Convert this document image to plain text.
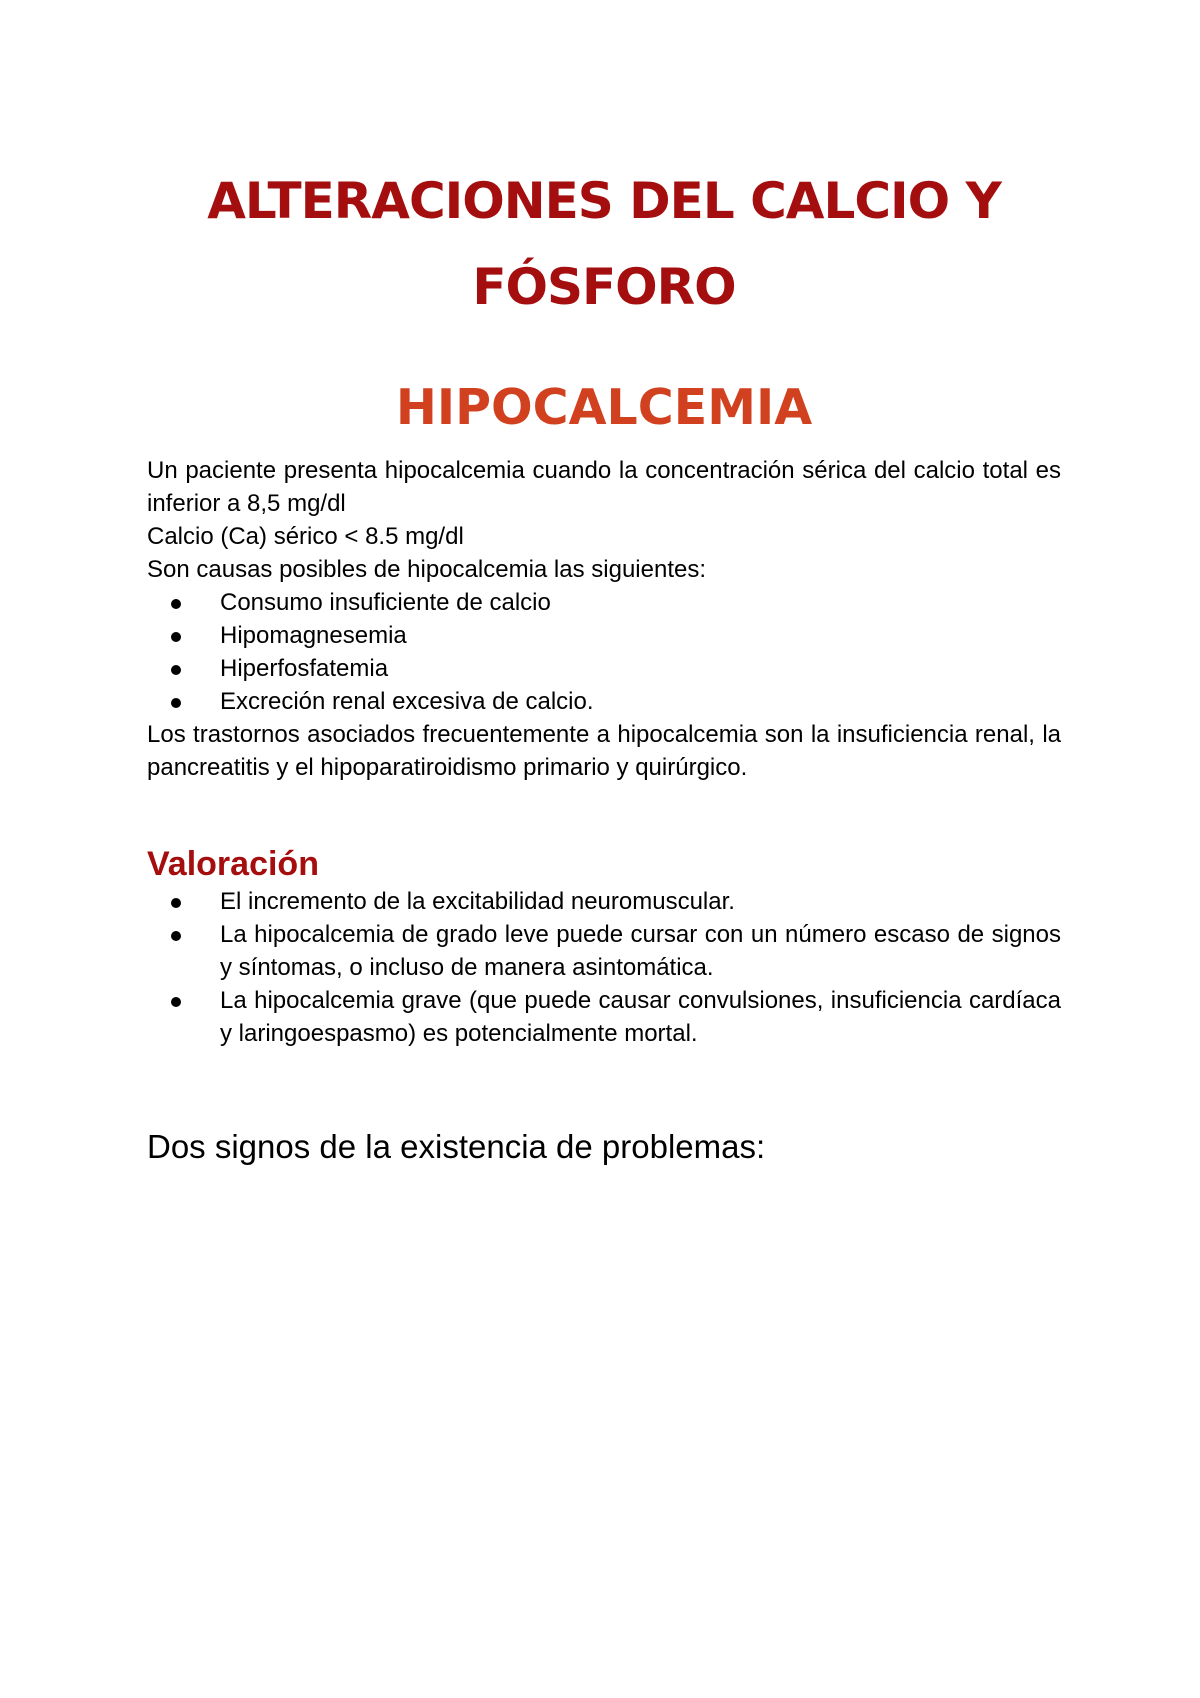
ALTERACIONES DEL CALCIO Y
FÓSFORO
HIPOCALCEMIA

Un paciente presenta hipocalcemia cuando la concentración sérica del calcio total es inferior a 8,5 mg/dl

Calcio (Ca) sérico < 8.5 mg/dl

Son causas posibles de hipocalcemia las siguientes:

Consumo insuficiente de calcio
Hipomagnesemia
Hiperfosfatemia
Excreción renal excesiva de calcio.

Los trastornos asociados frecuentemente a hipocalcemia son la insuficiencia renal, la pancreatitis y el hipoparatiroidismo primario y quirúrgico.

Valoración
El incremento de la excitabilidad neuromuscular.
La hipocalcemia de grado leve puede cursar con un número escaso de signos y síntomas, o incluso de manera asintomática.
La hipocalcemia grave (que puede causar convulsiones, insuficiencia cardíaca y laringoespasmo) es potencialmente mortal.

Dos signos de la existencia de problemas:
